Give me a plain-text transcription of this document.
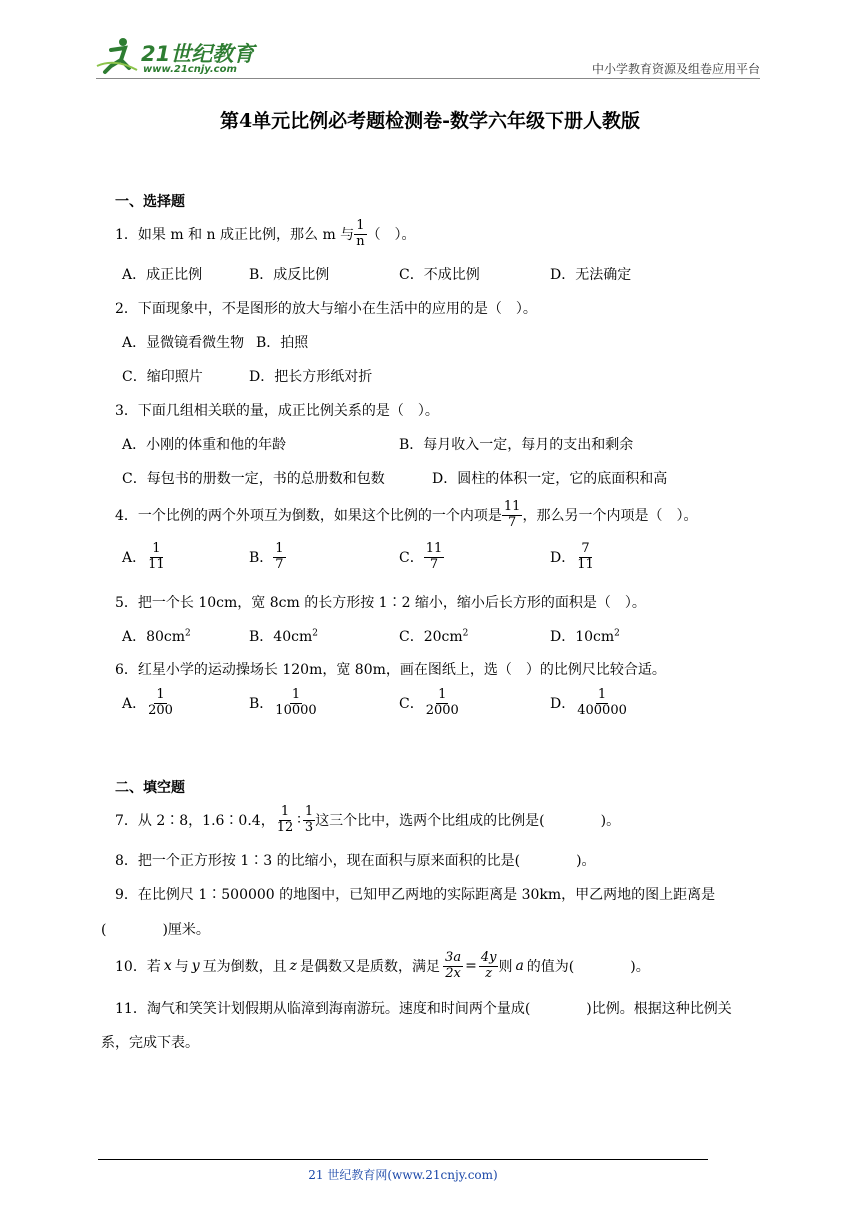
21世纪教育
www.21cnjy.com	中小学教育资源及组卷应用平台
第4单元比例必考题检测卷-数学六年级下册人教版
一、选择题
1．如果 m 和 n 成正比例，那么 m 与 $\frac{1}{n}$ （　）。
A．成正比例	B．成反比例	C．不成比例	D．无法确定
2．下面现象中，不是图形的放大与缩小在生活中的应用的是（　）。
A．显微镜看微生物 B．拍照
C．缩印照片	D．把长方形纸对折
3．下面几组相关联的量，成正比例关系的是（　）。
A．小刚的体重和他的年龄	B．每月收入一定，每月的支出和剩余
C．每包书的册数一定，书的总册数和包数	D．圆柱的体积一定，它的底面积和高
4．一个比例的两个外项互为倒数，如果这个比例的一个内项是 $\frac{11}{7}$ ，那么另一个内项是（　）。
A． $\frac{1}{11}$	B． $\frac{1}{7}$	C． $\frac{11}{7}$	D． $\frac{7}{11}$
5．把一个长 10cm，宽 8cm 的长方形按 1∶2 缩小，缩小后长方形的面积是（　）。
A．$80cm^2$	B．$40cm^2$	C．$20cm^2$	D．$10cm^2$
6．红星小学的运动操场长 120m，宽 80m，画在图纸上，选（　）的比例尺比较合适。
A． $\frac{1}{200}$	B． $\frac{1}{10000}$	C． $\frac{1}{2000}$	D． $\frac{1}{400000}$
二、填空题
7．从 2∶8，1.6∶0.4， $\frac{1}{12}$ ∶ $\frac{1}{3}$ 这三个比中，选两个比组成的比例是(　　　　)。
8．把一个正方形按 1∶3 的比缩小，现在面积与原来面积的比是(　　　　)。
9．在比例尺 1∶500000 的地图中，已知甲乙两地的实际距离是 30km，甲乙两地的图上距离是
(　　　　)厘米。
10．若 x 与 y 互为倒数，且 z 是偶数又是质数，满足 $\frac{3a}{2x} = \frac{4y}{z}$ 则 a 的值为(　　　　)。
11．淘气和笑笑计划假期从临漳到海南游玩。速度和时间两个量成(　　　　)比例。根据这种比例关
系，完成下表。
21 世纪教育网(www.21cnjy.com)
